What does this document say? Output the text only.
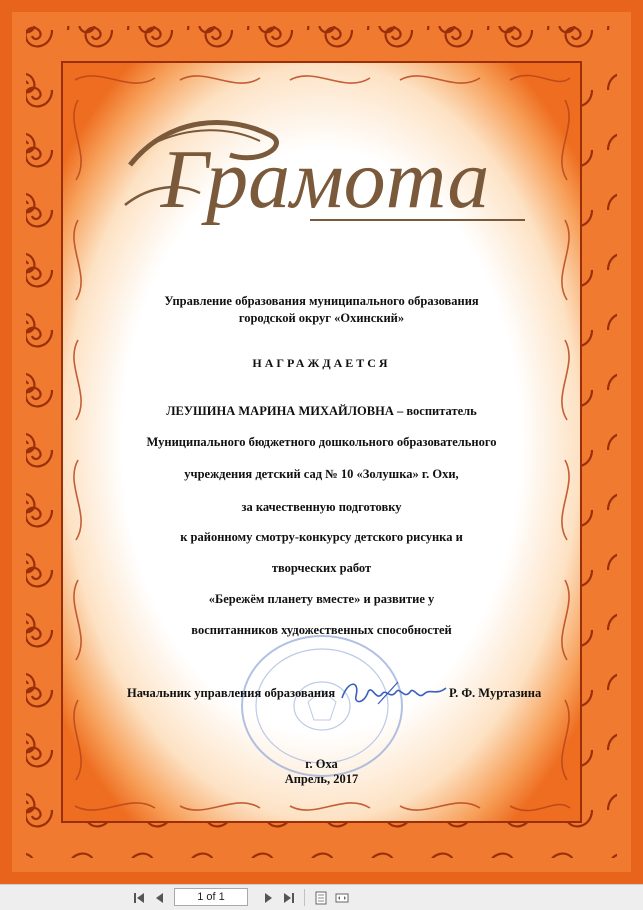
Грамота
Управление образования муниципального образования
городской округ «Охинский»
НАГРАЖДАЕТСЯ
ЛЕУШИНА МАРИНА МИХАЙЛОВНА – воспитатель
Муниципального бюджетного дошкольного образовательного
учреждения детский сад № 10 «Золушка» г. Охи,
за качественную подготовку
к районному смотру-конкурсу детского рисунка и
творческих работ
«Бережём планету вместе» и развитие у
воспитанников художественных способностей
Начальник управления образования	Р. Ф. Муртазина
г. Оха
Апрель, 2017
1 of 1
